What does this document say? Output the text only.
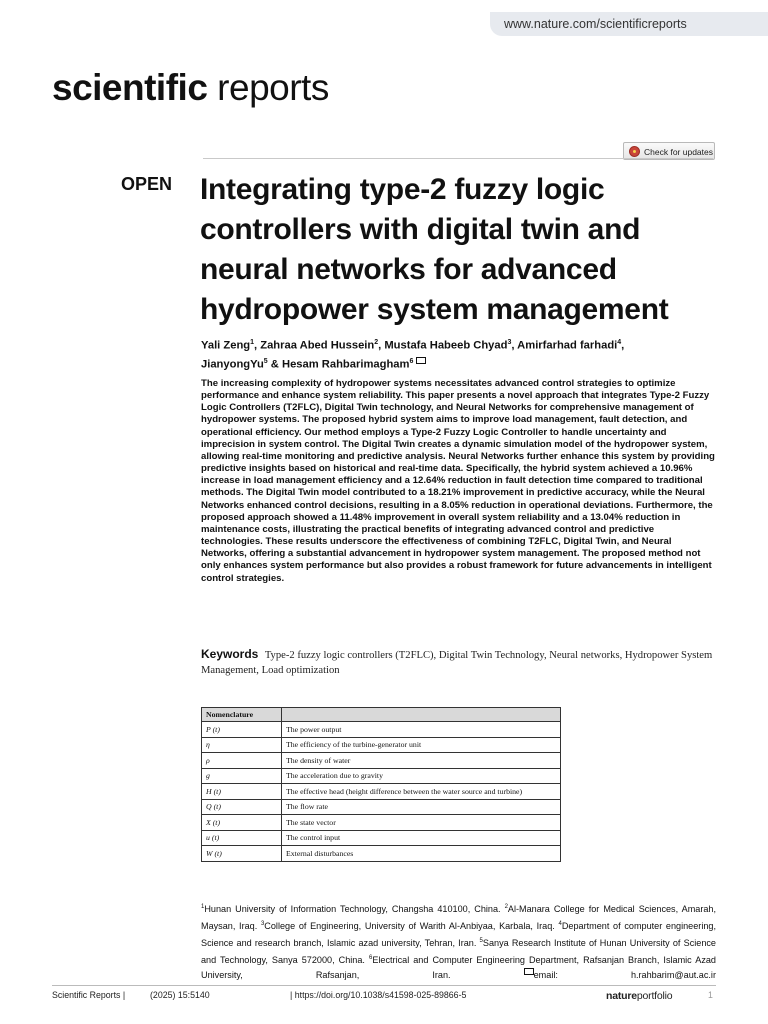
www.nature.com/scientificreports
scientific reports
Check for updates
OPEN Integrating type-2 fuzzy logic controllers with digital twin and neural networks for advanced hydropower system management
Yali Zeng$^1$, Zahraa Abed Hussein$^2$, Mustafa Habeeb Chyad$^3$, Amirfarhad farhadi$^4$,
JianyongYu$^5$ & Hesam Rahbarimagham$^6$

The increasing complexity of hydropower systems necessitates advanced control strategies to optimize performance and enhance system reliability. This paper presents a novel approach that integrates Type-2 Fuzzy Logic Controllers (T2FLC), Digital Twin technology, and Neural Networks for comprehensive management of hydropower systems. The proposed hybrid system aims to improve load management, fault detection, and operational efficiency. Our method employs a Type-2 Fuzzy Logic Controller to handle uncertainty and imprecision in system control. The Digital Twin creates a dynamic simulation model of the hydropower system, allowing real-time monitoring and predictive analysis. Neural Networks further enhance this system by providing predictive insights based on historical and real-time data. Specifically, the hybrid system achieved a 10.96% increase in load management efficiency and a 12.64% reduction in fault detection time compared to traditional methods. The Digital Twin model contributed to a 18.21% improvement in predictive accuracy, while the Neural Networks enhanced control decisions, resulting in a 8.05% reduction in operational deviations. Furthermore, the proposed approach showed a 11.48% improvement in overall system reliability and a 13.04% reduction in maintenance costs, illustrating the practical benefits of integrating advanced control and predictive technologies. These results underscore the effectiveness of combining T2FLC, Digital Twin, and Neural Networks, offering a substantial advancement in hydropower system management. The proposed method not only enhances system performance but also provides a robust framework for future advancements in intelligent control strategies.

Keywords Type-2 fuzzy logic controllers (T2FLC), Digital Twin Technology, Neural networks, Hydropower System Management, Load optimization
Nomenclature	
P (t)	The power output
η	The efficiency of the turbine-generator unit
ρ	The density of water
g	The acceleration due to gravity
H (t)	The effective head (height difference between the water source and turbine)
Q (t)	The flow rate
X (t)	The state vector
u (t)	The control input
W (t)	External disturbances

$^1$Hunan University of Information Technology, Changsha 410100, China. $^2$Al-Manara College for Medical Sciences, Amarah, Maysan, Iraq. $^3$College of Engineering, University of Warith Al-Anbiyaa, Karbala, Iraq. $^4$Department of computer engineering, Science and research branch, Islamic azad university, Tehran, Iran. $^5$Sanya Research Institute of Hunan University of Science and Technology, Sanya 572000, China. $^6$Electrical and Computer Engineering Department, Rafsanjan Branch, Islamic Azad University, Rafsanjan, Iran. email: h.rahbarim@aut.ac.ir

Scientific Reports |	(2025) 15:5140	| https://doi.org/10.1038/s41598-025-89866-5	natureportfolio	1
